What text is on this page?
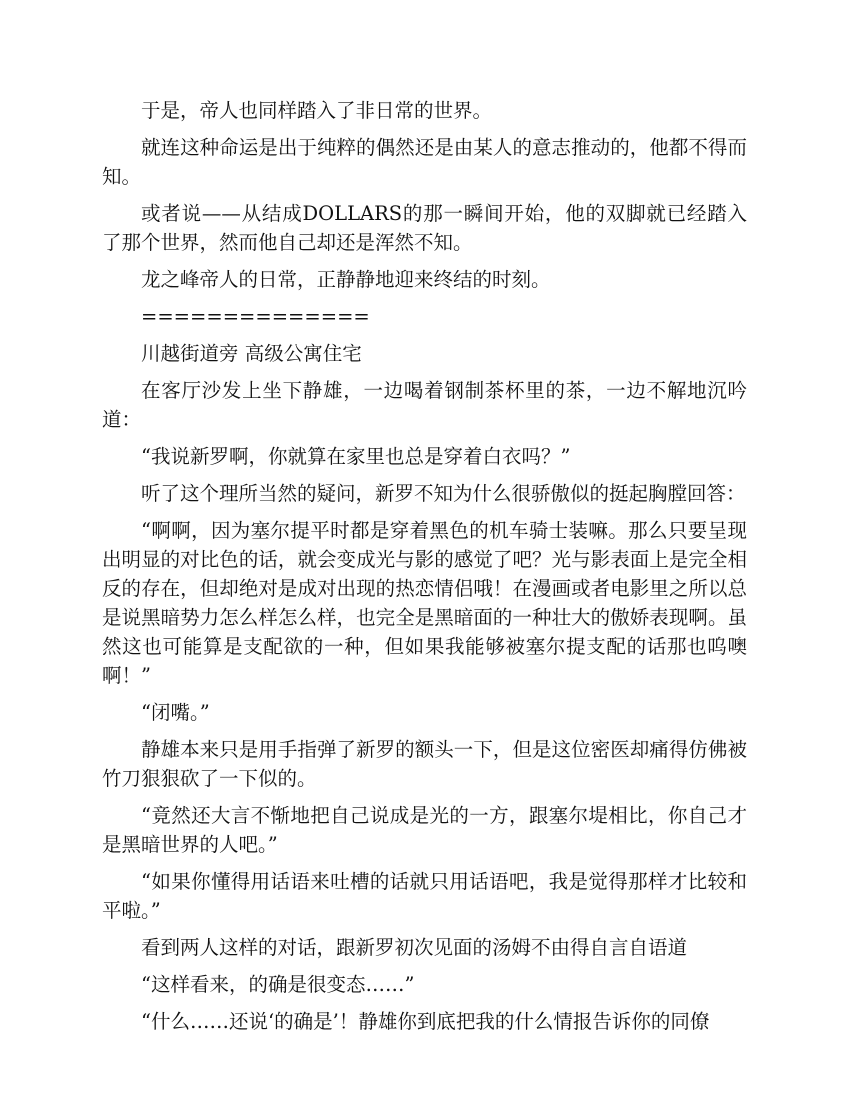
于是，帝人也同样踏入了非日常的世界。

就连这种命运是出于纯粹的偶然还是由某人的意志推动的，他都不得而知。

或者说——从结成DOLLARS的那一瞬间开始，他的双脚就已经踏入了那个世界，然而他自己却还是浑然不知。

龙之峰帝人的日常，正静静地迎来终结的时刻。

==============

川越街道旁 高级公寓住宅

在客厅沙发上坐下静雄，一边喝着钢制茶杯里的茶，一边不解地沉吟道：

“我说新罗啊，你就算在家里也总是穿着白衣吗？”

听了这个理所当然的疑问，新罗不知为什么很骄傲似的挺起胸膛回答：

“啊啊，因为塞尔提平时都是穿着黑色的机车骑士装嘛。那么只要呈现出明显的对比色的话，就会变成光与影的感觉了吧？光与影表面上是完全相反的存在，但却绝对是成对出现的热恋情侣哦！在漫画或者电影里之所以总是说黑暗势力怎么样怎么样，也完全是黑暗面的一种壮大的傲娇表现啊。虽然这也可能算是支配欲的一种，但如果我能够被塞尔提支配的话那也呜噢啊！”

“闭嘴。”

静雄本来只是用手指弹了新罗的额头一下，但是这位密医却痛得仿佛被竹刀狠狠砍了一下似的。

“竟然还大言不惭地把自己说成是光的一方，跟塞尔堤相比，你自己才是黑暗世界的人吧。”

“如果你懂得用话语来吐槽的话就只用话语吧，我是觉得那样才比较和平啦。”

看到两人这样的对话，跟新罗初次见面的汤姆不由得自言自语道

“这样看来，的确是很变态……”

“什么……还说‘的确是’！静雄你到底把我的什么情报告诉你的同僚
